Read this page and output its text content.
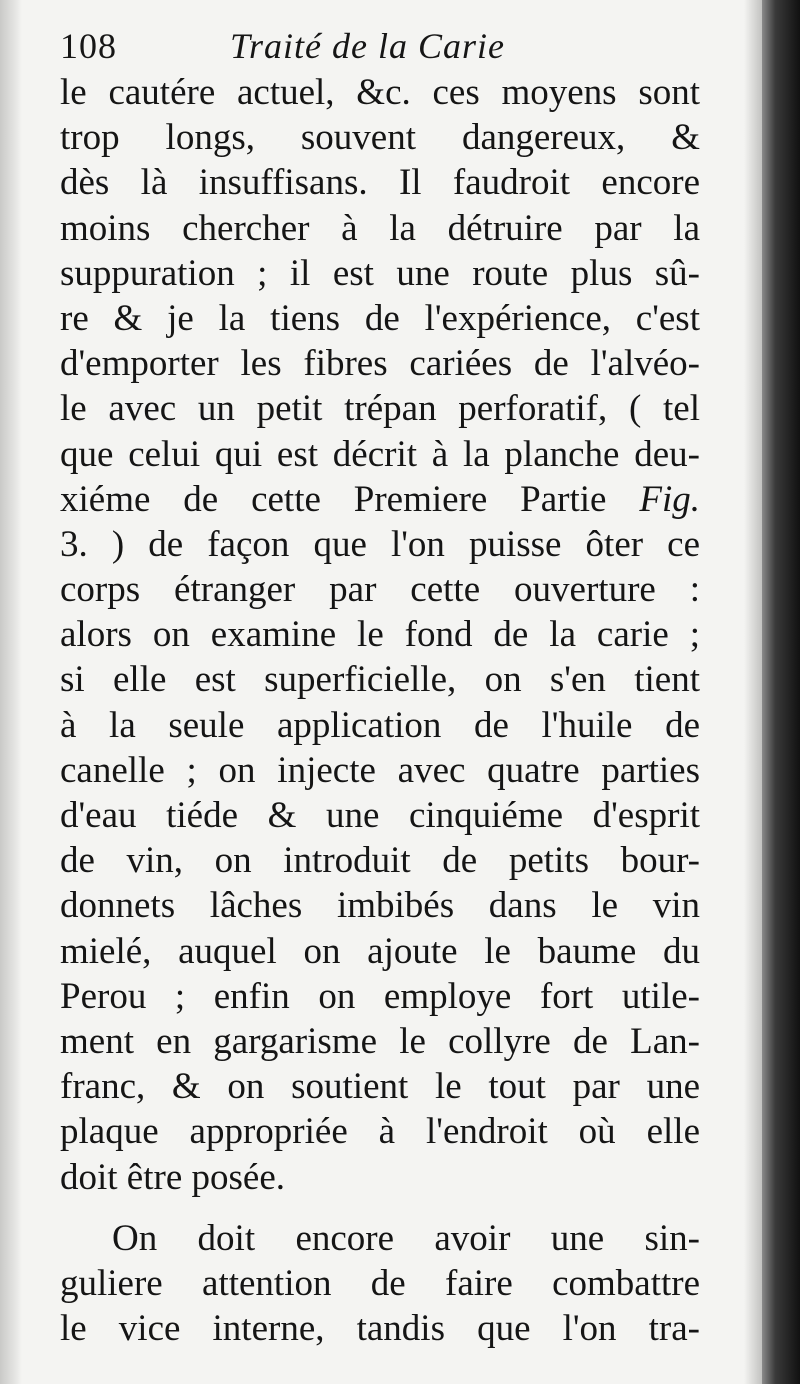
108	Traité de la Carie
le cautére actuel, &c. ces moyens sont
trop longs, souvent dangereux, &
dès là insuffisans. Il faudroit encore
moins chercher à la détruire par la
suppuration ; il est une route plus sû-
re & je la tiens de l'expérience, c'est
d'emporter les fibres cariées de l'alvéo-
le avec un petit trépan perforatif, ( tel
que celui qui est décrit à la planche deu-
xiéme de cette Premiere Partie Fig.
3. ) de façon que l'on puisse ôter ce
corps étranger par cette ouverture :
alors on examine le fond de la carie ;
si elle est superficielle, on s'en tient
à la seule application de l'huile de
canelle ; on injecte avec quatre parties
d'eau tiéde & une cinquiéme d'esprit
de vin, on introduit de petits bour-
donnets lâches imbibés dans le vin
mielé, auquel on ajoute le baume du
Perou ; enfin on employe fort utile-
ment en gargarisme le collyre de Lan-
franc, & on soutient le tout par une
plaque appropriée à l'endroit où elle
doit être posée.
On doit encore avoir une sin-
guliere attention de faire combattre
le vice interne, tandis que l'on tra-
